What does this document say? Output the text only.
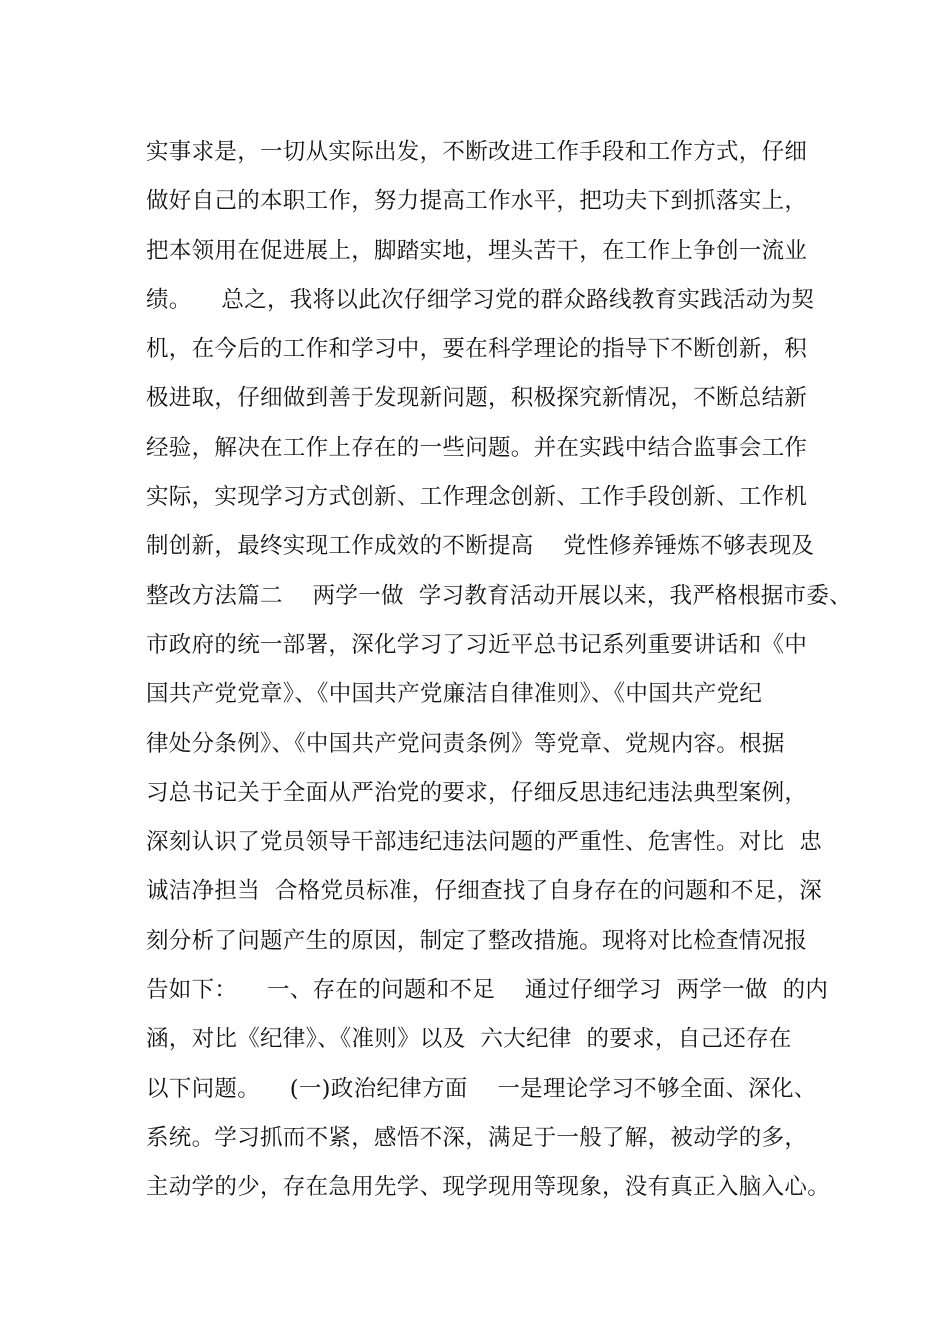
实事求是，一切从实际出发，不断改进工作手段和工作方式，仔细
做好自己的本职工作，努力提高工作水平，把功夫下到抓落实上，
把本领用在促进展上，脚踏实地，埋头苦干，在工作上争创一流业
绩。    总之，我将以此次仔细学习党的群众路线教育实践活动为契
机，在今后的工作和学习中，要在科学理论的指导下不断创新，积
极进取，仔细做到善于发现新问题，积极探究新情况，不断总结新
经验，解决在工作上存在的一些问题。并在实践中结合监事会工作
实际，实现学习方式创新、工作理念创新、工作手段创新、工作机
制创新，最终实现工作成效的不断提高    党性修养锤炼不够表现及
整改方法篇二    两学一做  学习教育活动开展以来，我严格根据市委、
市政府的统一部署，深化学习了习近平总书记系列重要讲话和《中
国共产党党章》、《中国共产党廉洁自律准则》、《中国共产党纪
律处分条例》、《中国共产党问责条例》等党章、党规内容。根据
习总书记关于全面从严治党的要求，仔细反思违纪违法典型案例，
深刻认识了党员领导干部违纪违法问题的严重性、危害性。对比  忠
诚洁净担当  合格党员标准，仔细查找了自身存在的问题和不足，深
刻分析了问题产生的原因，制定了整改措施。现将对比检查情况报
告如下：    一、存在的问题和不足    通过仔细学习  两学一做  的内
涵，对比《纪律》、《准则》以及  六大纪律  的要求，自己还存在
以下问题。    (一)政治纪律方面    一是理论学习不够全面、深化、
系统。学习抓而不紧，感悟不深，满足于一般了解，被动学的多，
主动学的少，存在急用先学、现学现用等现象，没有真正入脑入心。
